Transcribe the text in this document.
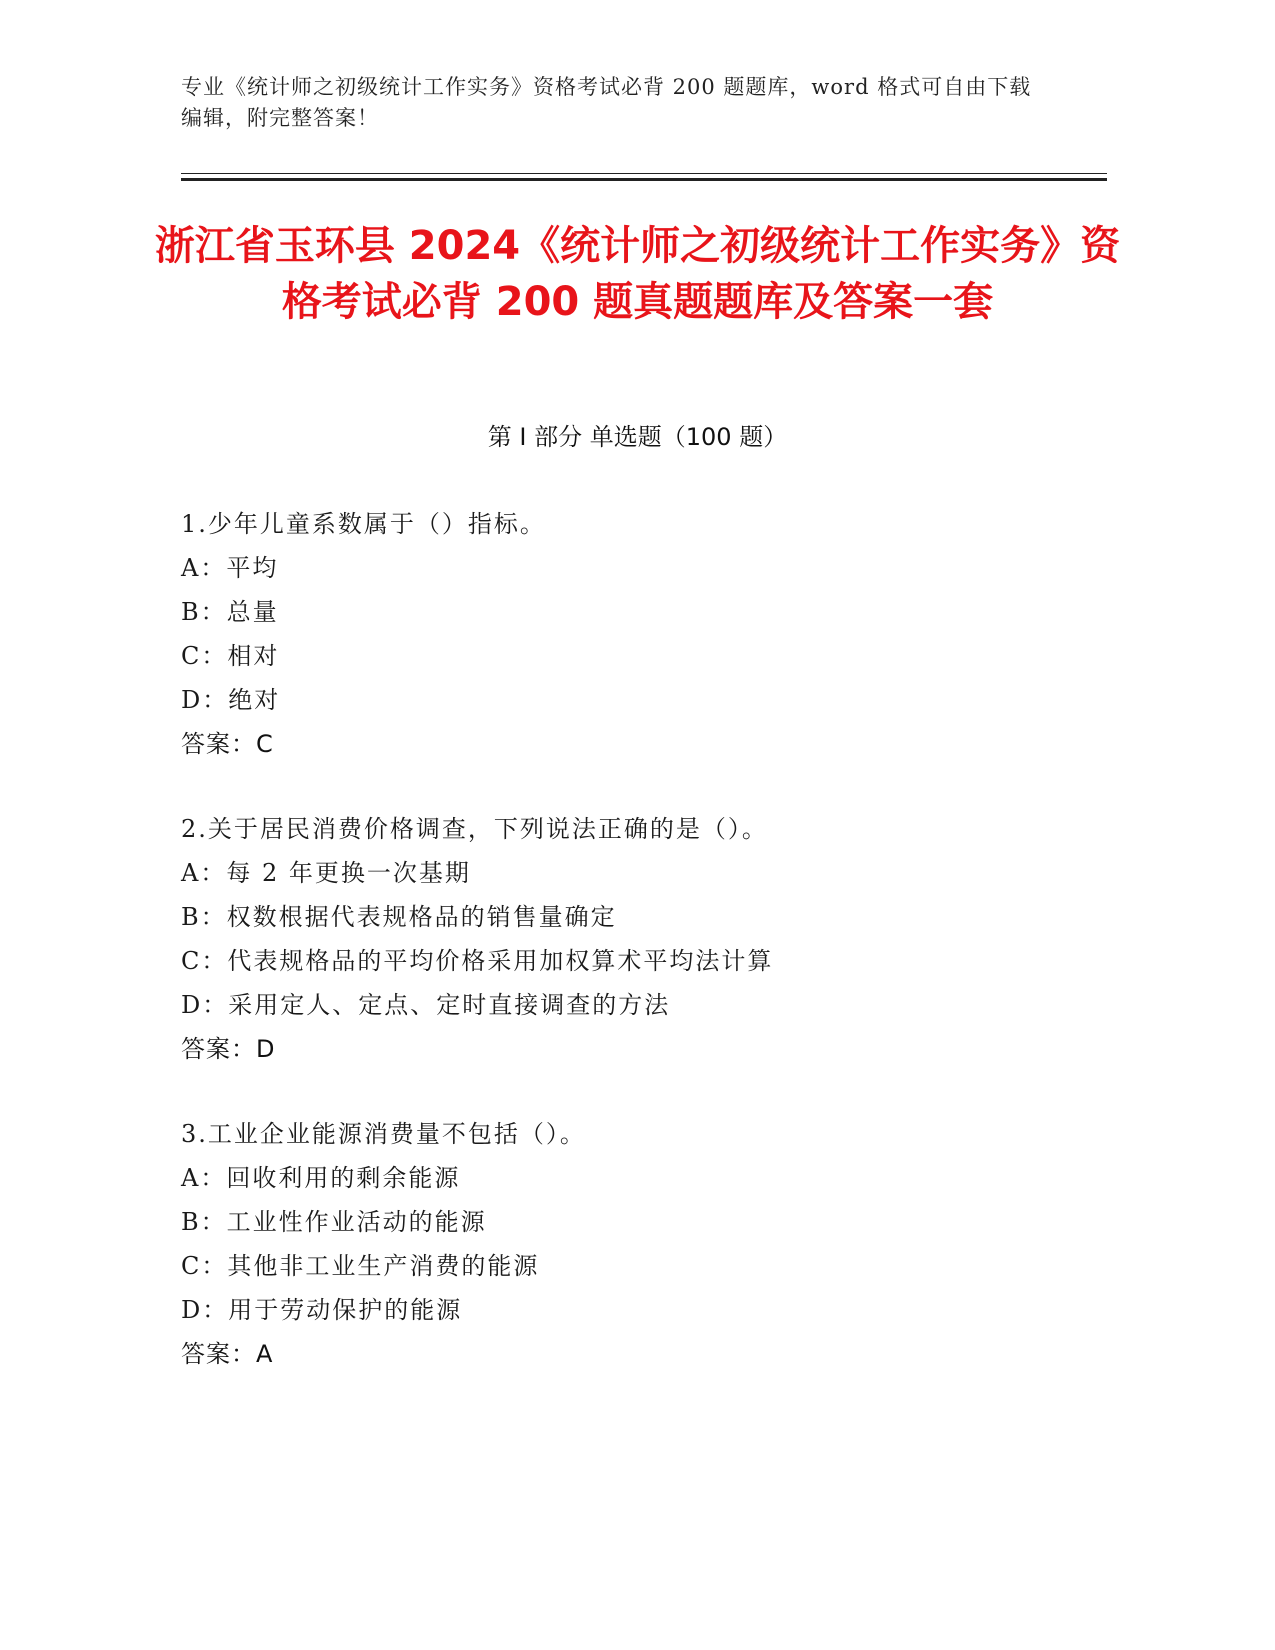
专业《统计师之初级统计工作实务》资格考试必背 200 题题库，word 格式可自由下载编辑，附完整答案！
浙江省玉环县 2024《统计师之初级统计工作实务》资格考试必背 200 题真题题库及答案一套
第 I 部分 单选题（100 题）
1.少年儿童系数属于（）指标。
A：平均
B：总量
C：相对
D：绝对
答案：C
2.关于居民消费价格调查，下列说法正确的是（）。
A：每 2 年更换一次基期
B：权数根据代表规格品的销售量确定
C：代表规格品的平均价格采用加权算术平均法计算
D：采用定人、定点、定时直接调查的方法
答案：D
3.工业企业能源消费量不包括（）。
A：回收利用的剩余能源
B：工业性作业活动的能源
C：其他非工业生产消费的能源
D：用于劳动保护的能源
答案：A
